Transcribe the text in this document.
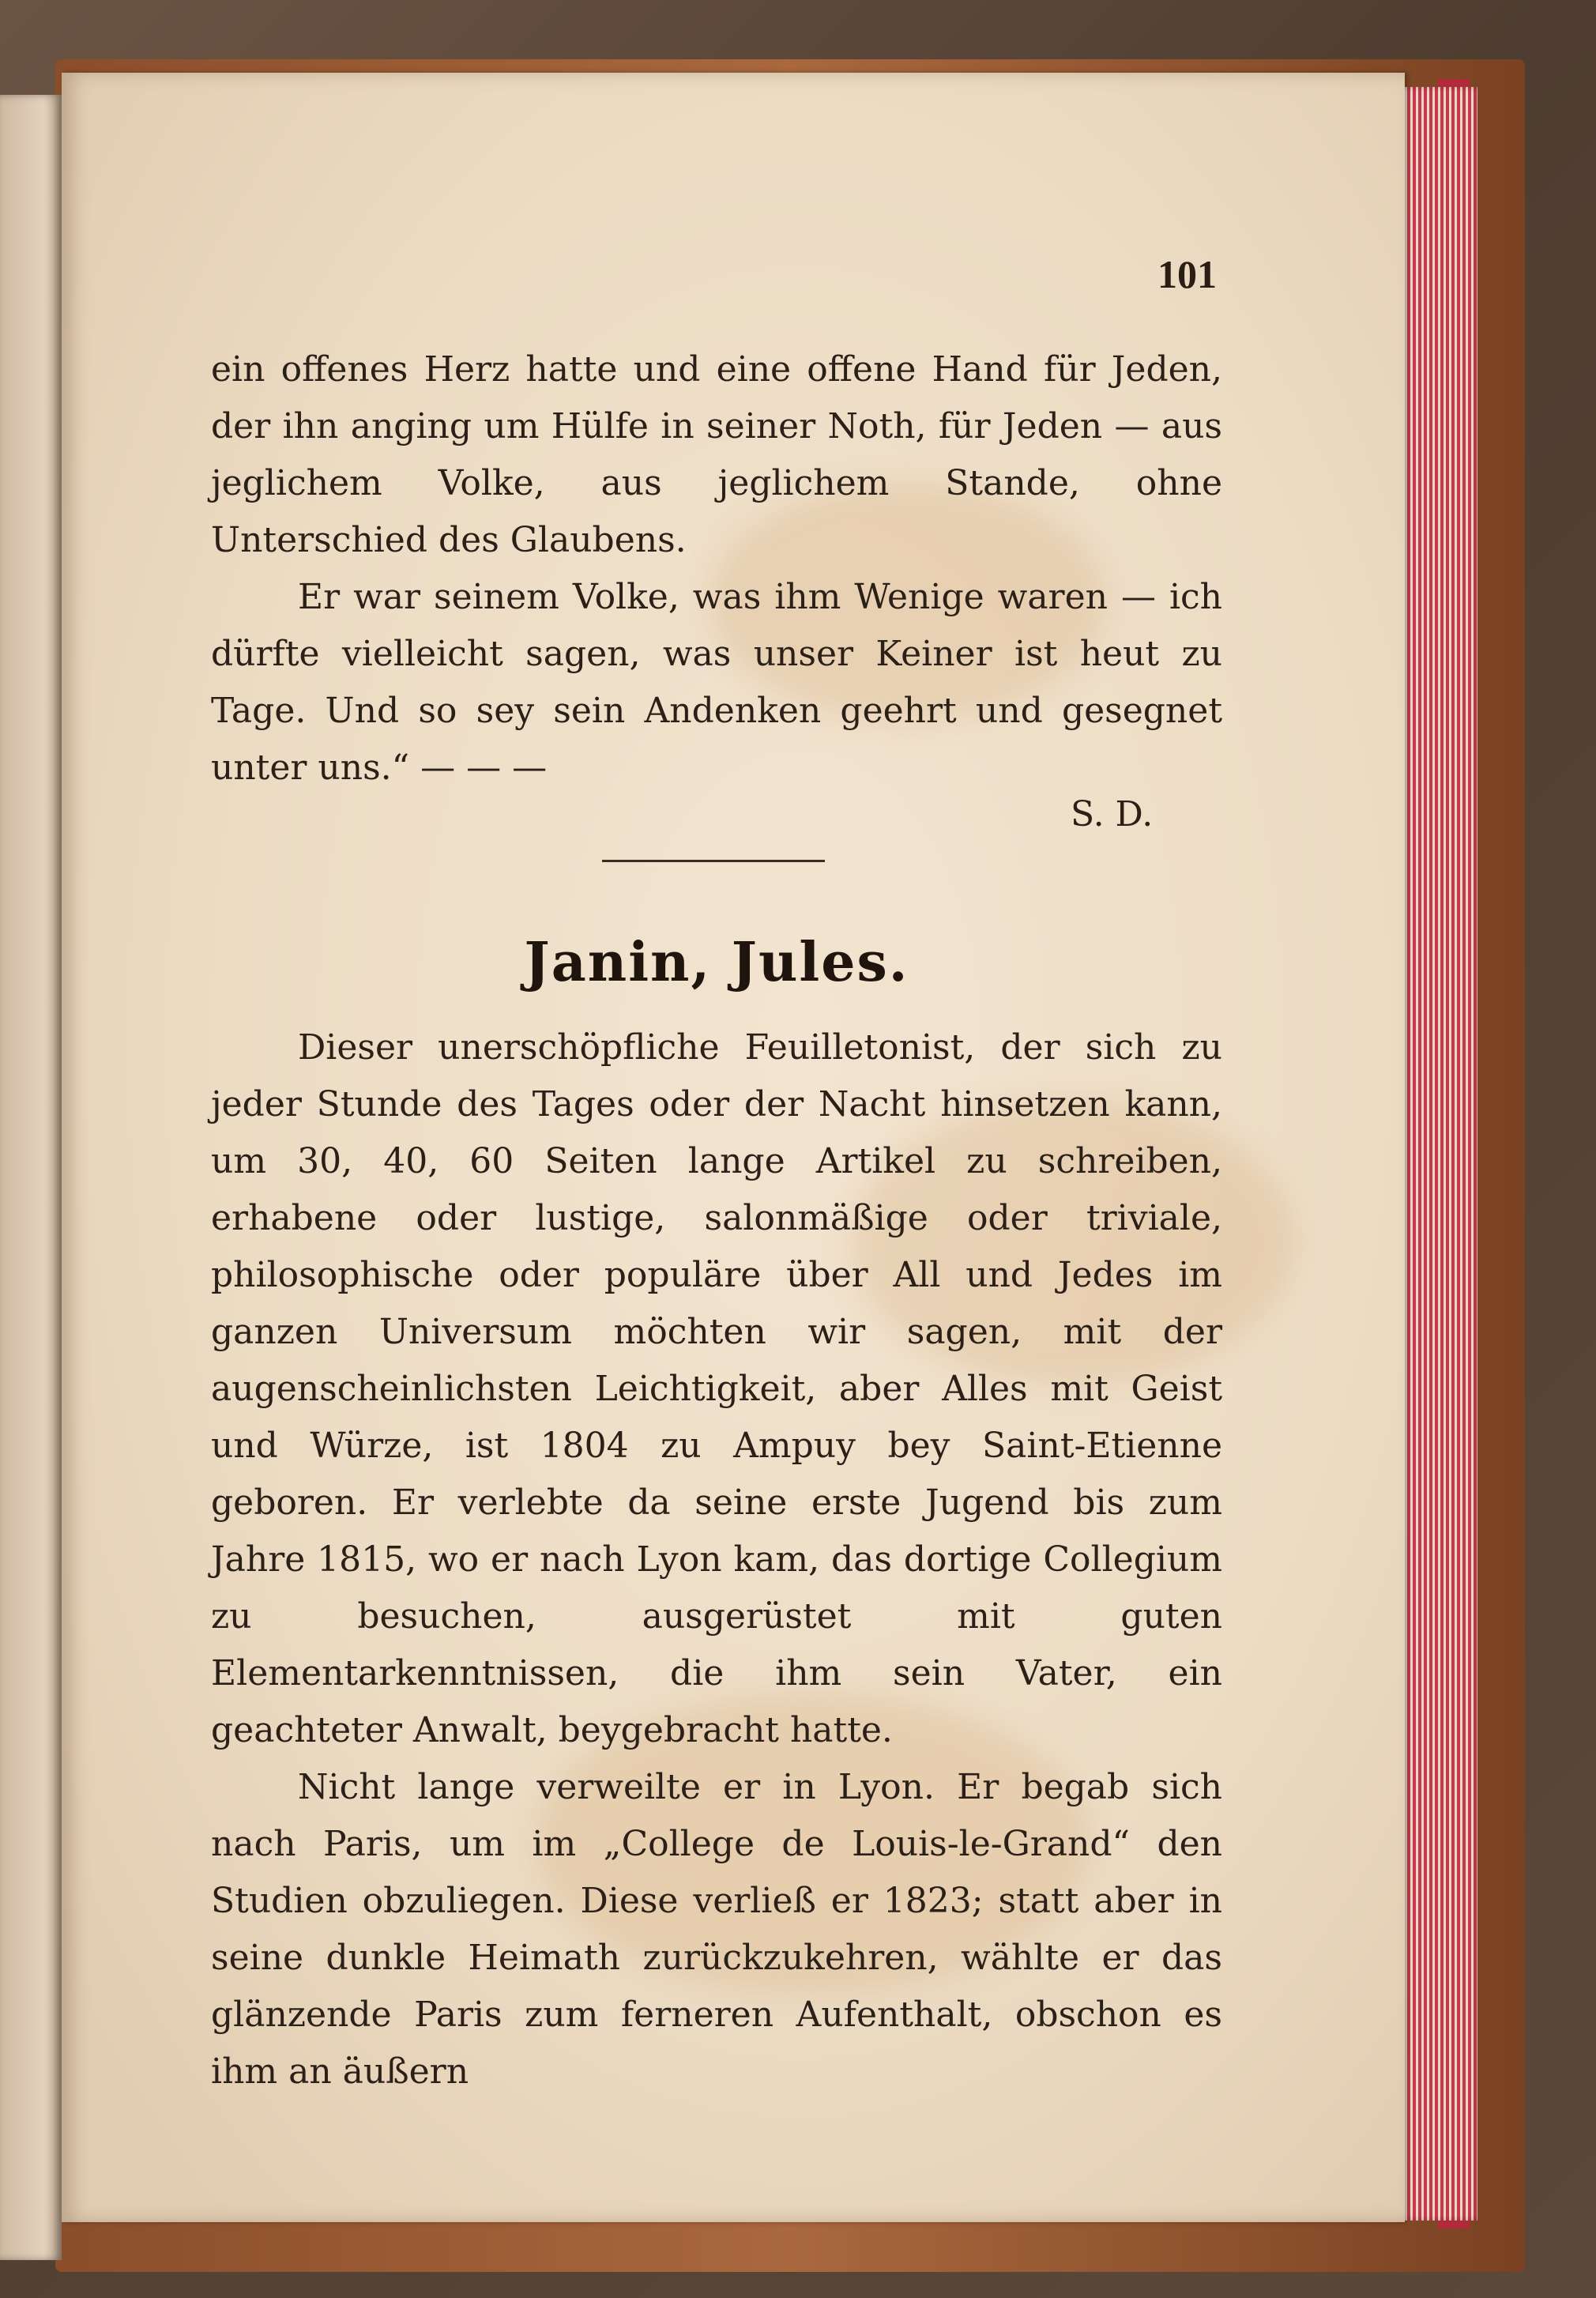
101

ein offenes Herz hatte und eine offene Hand für Jeden, der ihn anging um Hülfe in seiner Noth, für Jeden — aus jeglichem Volke, aus jeglichem Stande, ohne Unterschied des Glaubens.

Er war seinem Volke, was ihm Wenige waren — ich dürfte vielleicht sagen, was unser Keiner ist heut zu Tage. Und so sey sein Andenken geehrt und gesegnet unter uns.“ — — —

S. D.
Janin, Jules.

Dieser unerschöpfliche Feuilletonist, der sich zu jeder Stunde des Tages oder der Nacht hinsetzen kann, um 30, 40, 60 Seiten lange Artikel zu schreiben, erhabene oder lustige, salonmäßige oder triviale, philosophische oder populäre über All und Jedes im ganzen Universum möchten wir sagen, mit der augenscheinlichsten Leichtigkeit, aber Alles mit Geist und Würze, ist 1804 zu Ampuy bey Saint-Etienne geboren. Er verlebte da seine erste Jugend bis zum Jahre 1815, wo er nach Lyon kam, das dortige Collegium zu besuchen, ausgerüstet mit guten Elementarkenntnissen, die ihm sein Vater, ein geachteter Anwalt, beygebracht hatte.

Nicht lange verweilte er in Lyon. Er begab sich nach Paris, um im „College de Louis-le-Grand“ den Studien obzuliegen. Diese verließ er 1823; statt aber in seine dunkle Heimath zurückzukehren, wählte er das glänzende Paris zum ferneren Aufenthalt, obschon es ihm an äußern
